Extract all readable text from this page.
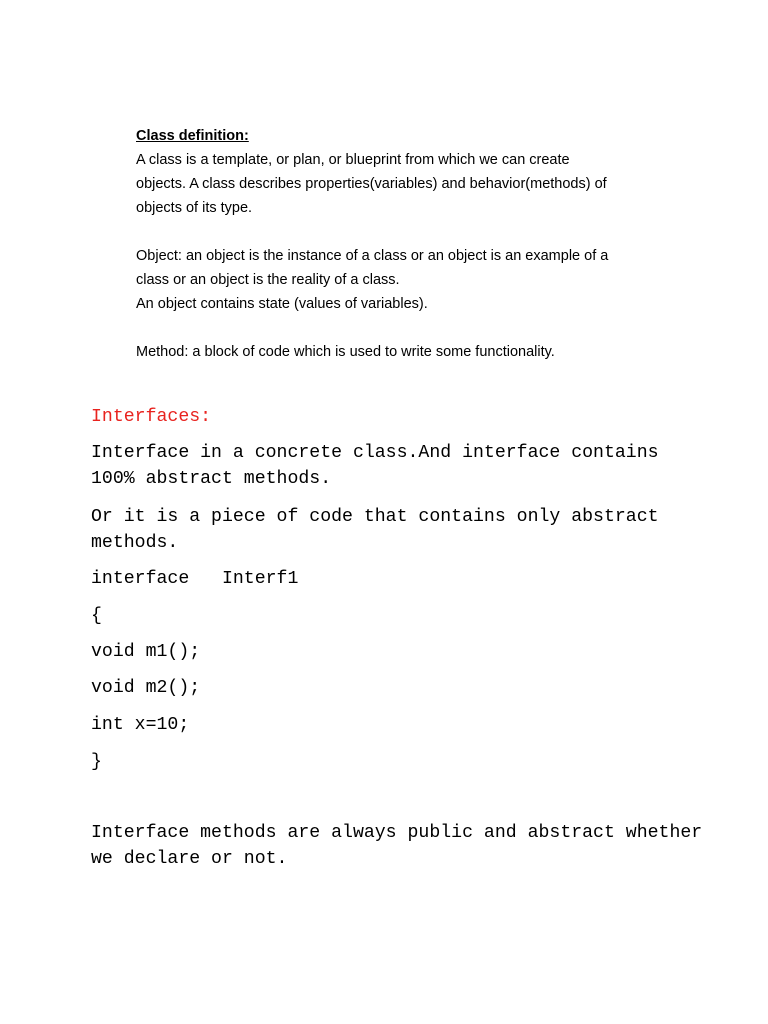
Class definition:

A class is a template, or plan, or blueprint from which we can create

objects. A class describes properties(variables) and behavior(methods) of

objects of its type.

Object: an object is the instance of a class or an object is an example of a

class or an object is the reality of a class.

An object contains state (values of variables).

Method: a block of code which is used to write some functionality.

Interfaces:

Interface in a concrete class.And interface contains 100% abstract methods.

Or it is a piece of code that contains only abstract methods.

interface   Interf1

{

void m1();

void m2();

int x=10;

}

Interface methods are always public and abstract whether we declare or not.
